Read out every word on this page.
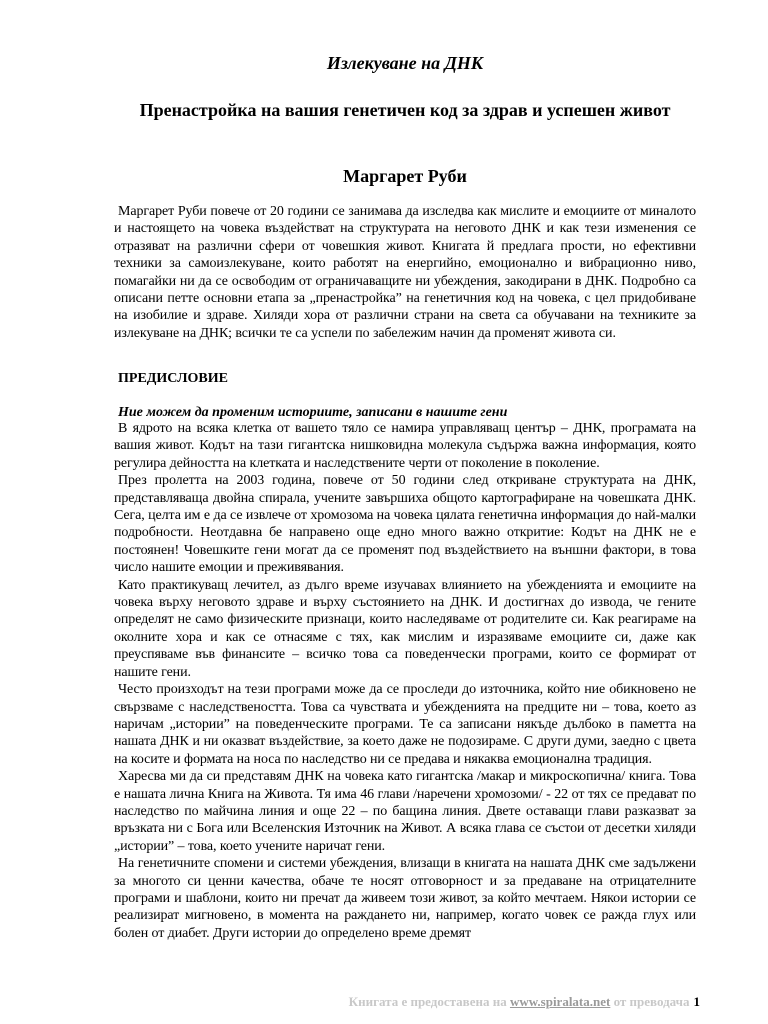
Излекуване на ДНК
Пренастройка на вашия генетичен код за здрав и успешен живот
Маргарет Руби

Маргарет Руби повече от 20 години се занимава да изследва как мислите и емоциите от миналото и настоящето на човека въздействат на структурата на неговото ДНК и как тези изменения се отразяват на различни сфери от човешкия живот. Книгата й предлага прости, но ефективни техники за самоизлекуване, които работят на енергийно, емоционално и вибрационно ниво, помагайки ни да се освободим от ограничаващите ни убеждения, закодирани в ДНК. Подробно са описани петте основни етапа за „пренастройка” на генетичния код на човека, с цел придобиване на изобилие и здраве. Хиляди хора от различни страни на света са обучавани на техниките за излекуване на ДНК; всички те са успели по забележим начин да променят живота си.

ПРЕДИСЛОВИЕ
Ние можем да променим историите, записани в нашите гени

В ядрото на всяка клетка от вашето тяло се намира управляващ център – ДНК, програмата на вашия живот. Кодът на тази гигантска нишковидна молекула съдържа важна информация, която регулира дейността на клетката и наследствените черти от поколение в поколение.

През пролетта на 2003 година, повече от 50 години след откриване структурата на ДНК, представляваща двойна спирала, учените завършиха общото картографиране на човешката ДНК. Сега, целта им е да се извлече от хромозома на човека цялата генетична информация до най-малки подробности. Неотдавна бе направено още едно много важно откритие: Кодът на ДНК не е постоянен! Човешките гени могат да се променят под въздействието на външни фактори, в това число нашите емоции и преживявания.

Като практикуващ лечител, аз дълго време изучавах влиянието на убежденията и емоциите на човека върху неговото здраве и върху състоянието на ДНК. И достигнах до извода, че гените определят не само физическите признаци, които наследяваме от родителите си. Как реагираме на околните хора и как се отнасяме с тях, как мислим и изразяваме емоциите си, даже как преуспяваме във финансите – всичко това са поведенчески програми, които се формират от нашите гени.

Често произходът на тези програми може да се проследи до източника, който ние обикновено не свързваме с наследствеността. Това са чувствата и убежденията на предците ни – това, което аз наричам „истории” на поведенческите програми. Те са записани някъде дълбоко в паметта на нашата ДНК и ни оказват въздействие, за което даже не подозираме. С други думи, заедно с цвета на косите и формата на носа по наследство ни се предава и някаква емоционална традиция.

Харесва ми да си представям ДНК на човека като гигантска /макар и микроскопична/ книга. Това е нашата лична Книга на Живота. Тя има 46 глави /наречени хромозоми/ - 22 от тях се предават по наследство по майчина линия и още 22 – по бащина линия. Двете оставащи глави разказват за връзката ни с Бога или Вселенския Източник на Живот. А всяка глава се състои от десетки хиляди „истории” – това, което учените наричат гени.

На генетичните спомени и системи убеждения, влизащи в книгата на нашата ДНК сме задължени за многото си ценни качества, обаче те носят отговорност и за предаване на отрицателните програми и шаблони, които ни пречат да живеем този живот, за който мечтаем. Някои истории се реализират мигновено, в момента на раждането ни, например, когато човек се ражда глух или болен от диабет. Други истории до определено време дремят

Книгата е предоставена на www.spiralata.net от преводача 1
